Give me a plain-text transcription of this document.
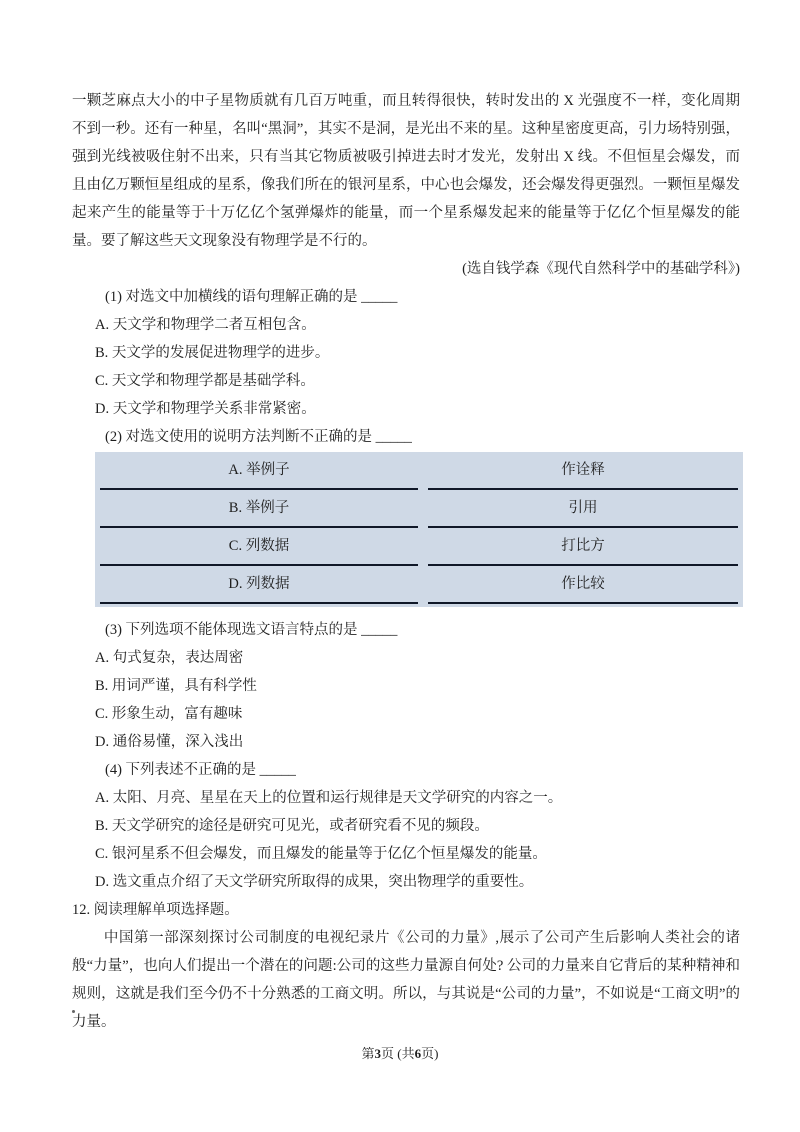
一颗芝麻点大小的中子星物质就有几百万吨重，而且转得很快，转时发出的 X 光强度不一样，变化周期不到一秒。还有一种星，名叫“黑洞”，其实不是洞，是光出不来的星。这种星密度更高，引力场特别强，强到光线被吸住射不出来，只有当其它物质被吸引掉进去时才发光，发射出 X 线。不但恒星会爆发，而且由亿万颗恒星组成的星系，像我们所在的银河星系，中心也会爆发，还会爆发得更强烈。一颗恒星爆发起来产生的能量等于十万亿亿个氢弹爆炸的能量，而一个星系爆发起来的能量等于亿亿个恒星爆发的能量。要了解这些天文现象没有物理学是不行的。
(选自钱学森《现代自然科学中的基础学科》)
(1) 对选文中加横线的语句理解正确的是 _____
A. 天文学和物理学二者互相包含。
B. 天文学的发展促进物理学的进步。
C. 天文学和物理学都是基础学科。
D. 天文学和物理学关系非常紧密。
(2) 对选文使用的说明方法判断不正确的是 _____
A. 举例子	作诠释
B. 举例子	引用
C. 列数据	打比方
D. 列数据	作比较
(3) 下列选项不能体现选文语言特点的是 _____
A. 句式复杂，表达周密
B. 用词严谨，具有科学性
C. 形象生动，富有趣味
D. 通俗易懂，深入浅出
(4) 下列表述不正确的是 _____
A. 太阳、月亮、星星在天上的位置和运行规律是天文学研究的内容之一。
B. 天文学研究的途径是研究可见光，或者研究看不见的频段。
C. 银河星系不但会爆发，而且爆发的能量等于亿亿个恒星爆发的能量。
D. 选文重点介绍了天文学研究所取得的成果，突出物理学的重要性。
12. 阅读理解单项选择题。
中国第一部深刻探讨公司制度的电视纪录片《公司的力量》,展示了公司产生后影响人类社会的诸般“力量”，也向人们提出一个潜在的问题:公司的这些力量源自何处? 公司的力量来自它背后的某种精神和规则，这就是我们至今仍不十分熟悉的工商文明。所以，与其说是“公司的力量”，不如说是“工商文明”的力量。
第3页 (共6页)
